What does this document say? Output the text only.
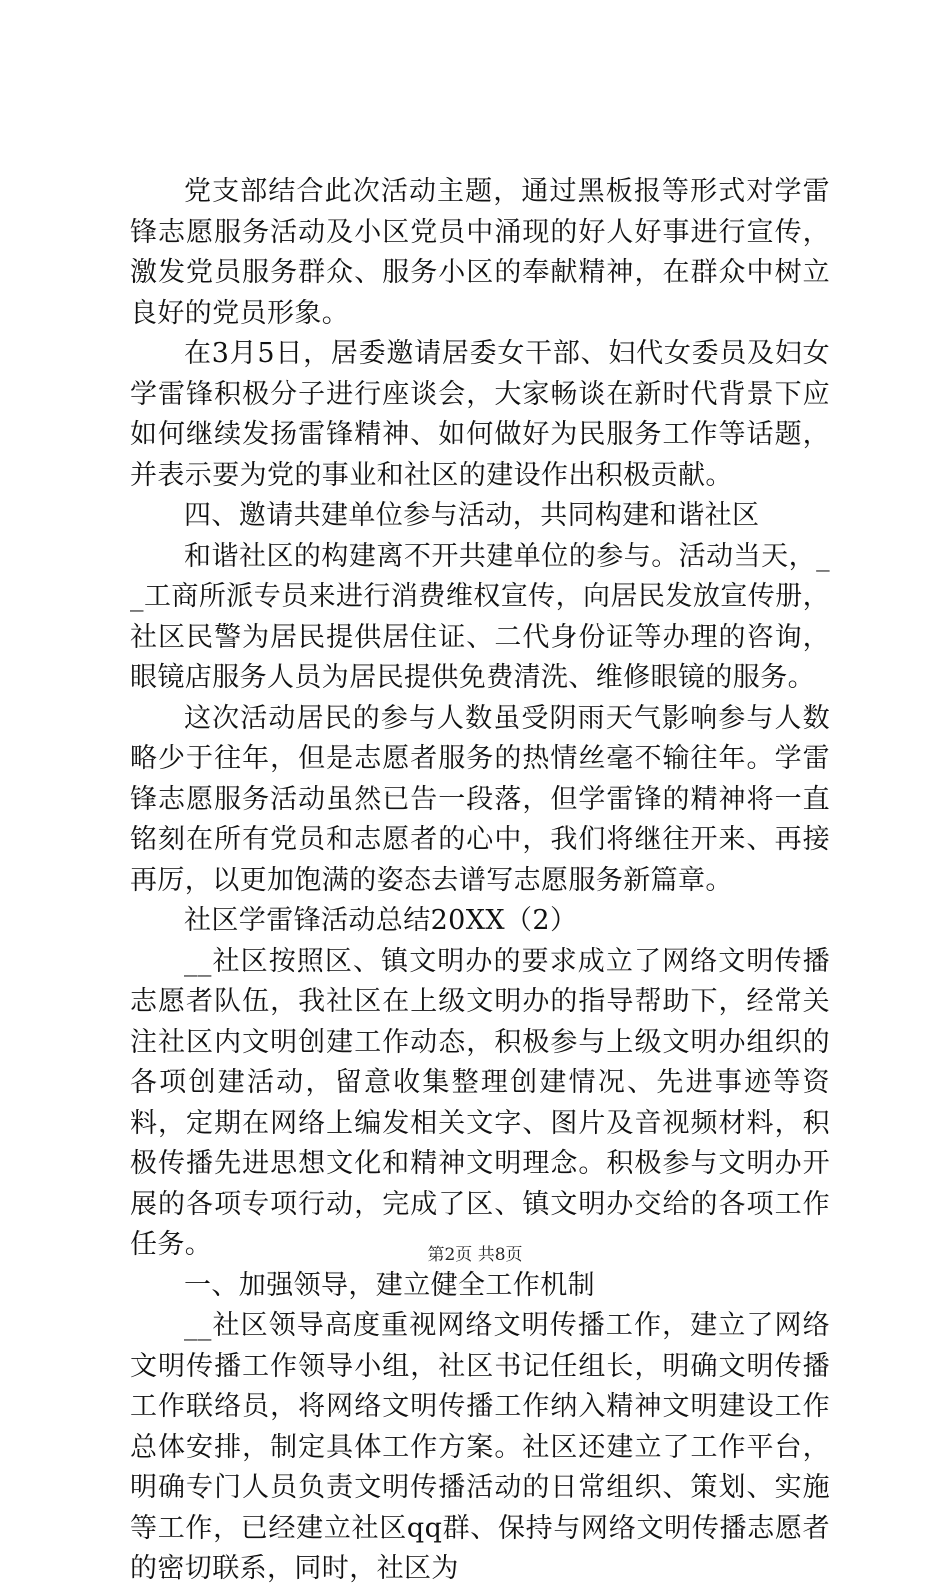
党支部结合此次活动主题，通过黑板报等形式对学雷锋志愿服务活动及小区党员中涌现的好人好事进行宣传，激发党员服务群众、服务小区的奉献精神，在群众中树立良好的党员形象。

在3月5日，居委邀请居委女干部、妇代女委员及妇女学雷锋积极分子进行座谈会，大家畅谈在新时代背景下应如何继续发扬雷锋精神、如何做好为民服务工作等话题，并表示要为党的事业和社区的建设作出积极贡献。

四、邀请共建单位参与活动，共同构建和谐社区

和谐社区的构建离不开共建单位的参与。活动当天，__工商所派专员来进行消费维权宣传，向居民发放宣传册，社区民警为居民提供居住证、二代身份证等办理的咨询，眼镜店服务人员为居民提供免费清洗、维修眼镜的服务。

这次活动居民的参与人数虽受阴雨天气影响参与人数略少于往年，但是志愿者服务的热情丝毫不输往年。学雷锋志愿服务活动虽然已告一段落，但学雷锋的精神将一直铭刻在所有党员和志愿者的心中，我们将继往开来、再接再厉，以更加饱满的姿态去谱写志愿服务新篇章。

社区学雷锋活动总结20XX（2）

__社区按照区、镇文明办的要求成立了网络文明传播志愿者队伍，我社区在上级文明办的指导帮助下，经常关注社区内文明创建工作动态，积极参与上级文明办组织的各项创建活动，留意收集整理创建情况、先进事迹等资料，定期在网络上编发相关文字、图片及音视频材料，积极传播先进思想文化和精神文明理念。积极参与文明办开展的各项专项行动，完成了区、镇文明办交给的各项工作任务。

一、加强领导，建立健全工作机制

__社区领导高度重视网络文明传播工作，建立了网络文明传播工作领导小组，社区书记任组长，明确文明传播工作联络员，将网络文明传播工作纳入精神文明建设工作总体安排，制定具体工作方案。社区还建立了工作平台，明确专门人员负责文明传播活动的日常组织、策划、实施等工作，已经建立社区qq群、保持与网络文明传播志愿者的密切联系，同时，社区为

第2页 共8页
